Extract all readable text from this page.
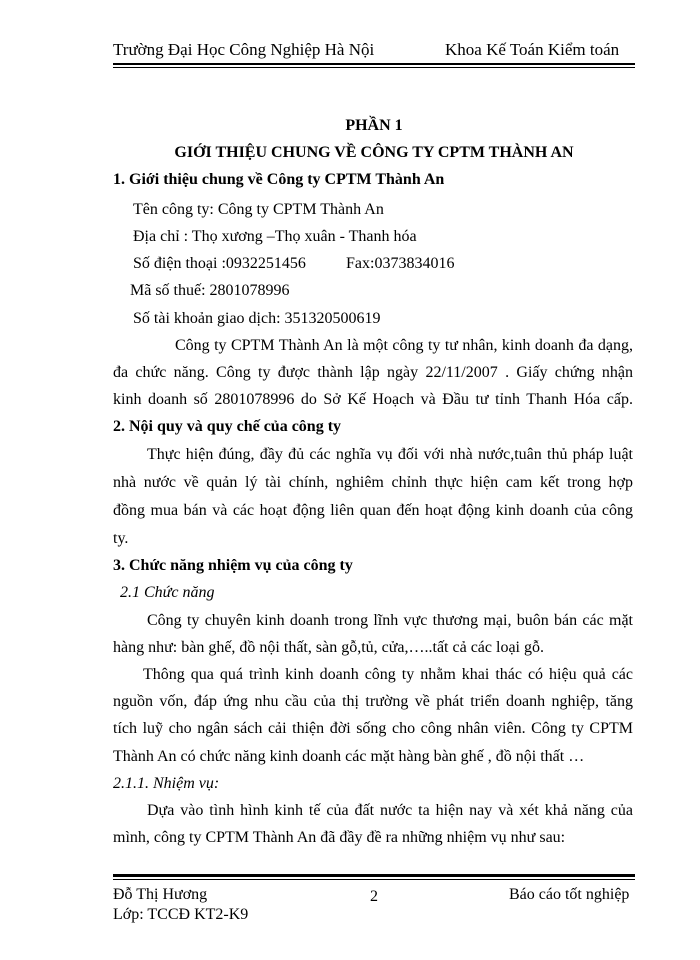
Trường Đại Học Công Nghiệp Hà Nội	Khoa Kế Toán Kiểm toán
PHẦN 1
GIỚI THIỆU CHUNG VỀ CÔNG TY CPTM THÀNH AN
1. Giới thiệu chung về Công ty CPTM Thành An
Tên công ty: Công ty CPTM Thành An
Địa chỉ : Thọ xương –Thọ xuân - Thanh hóa
Số điện thoại :0932251456	Fax:0373834016
Mã số thuế: 2801078996
Số tài khoản giao dịch: 351320500619
Công ty CPTM Thành An là một công ty tư nhân, kinh doanh đa dạng,
đa chức năng. Công ty được thành lập ngày 22/11/2007 . Giấy chứng nhận
kinh doanh số 2801078996 do Sở Kế Hoạch và Đầu tư tỉnh Thanh Hóa cấp.
2. Nội quy và quy chế của công ty
Thực hiện đúng, đầy đủ các nghĩa vụ đối với nhà nước,tuân thủ pháp luật
nhà nước về quản lý tài chính, nghiêm chỉnh thực hiện cam kết trong hợp
đồng mua bán và các hoạt động liên quan đến hoạt động kinh doanh của công
ty.
3. Chức năng nhiệm vụ của công ty
2.1 Chức năng
Công ty chuyên kinh doanh trong lĩnh vực thương mại, buôn bán các mặt
hàng như: bàn ghế, đồ nội thất, sàn gỗ,tủ, cửa,…..tất cả các loại gỗ.
Thông qua quá trình kinh doanh công ty nhằm khai thác có hiệu quả các
nguồn vốn, đáp ứng nhu cầu của thị trường về phát triển doanh nghiệp, tăng
tích luỹ cho ngân sách cải thiện đời sống cho công nhân viên. Công ty CPTM
Thành An có chức năng kinh doanh các mặt hàng bàn ghế , đồ nội thất …
2.1.1. Nhiệm vụ:
Dựa vào tình hình kinh tế của đất nước ta hiện nay và xét khả năng của
mình, công ty CPTM Thành An đã đầy đề ra những nhiệm vụ như sau:
Đỗ Thị Hương	2	Báo cáo tốt nghiệp
Lớp: TCCĐ KT2-K9
